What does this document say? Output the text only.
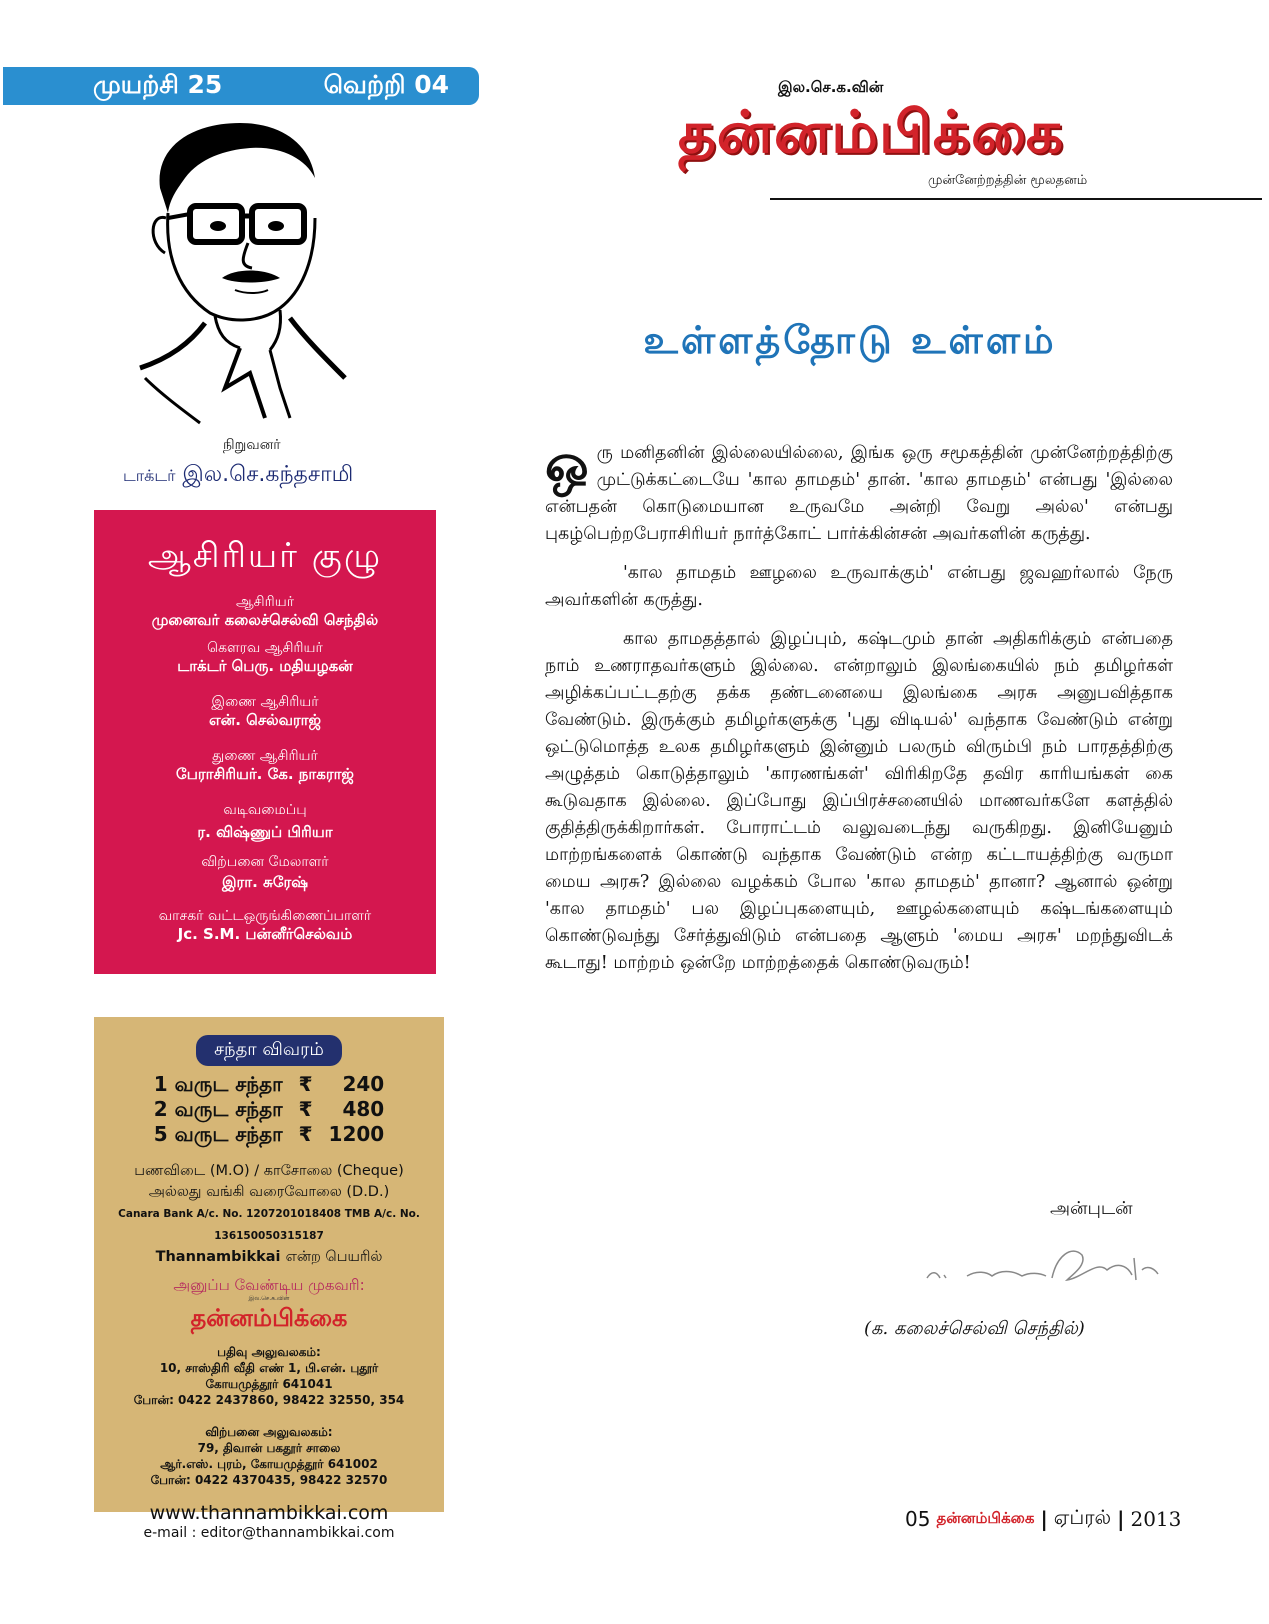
முயற்சி 25	வெற்றி 04
நிறுவனர்
டாக்டர் இல.செ.கந்தசாமி
ஆசிரியர் குழு
ஆசிரியர்
முனைவர் கலைச்செல்வி செந்தில்
கௌரவ ஆசிரியர்
டாக்டர் பெரு. மதியழகன்
இணை ஆசிரியர்
என். செல்வராஜ்
துணை ஆசிரியர்
பேராசிரியர். கே. நாகராஜ்
வடிவமைப்பு
ர. விஷ்ணுப் பிரியா
விற்பனை மேலாளர்
இரா. சுரேஷ்
வாசகர் வட்டஒருங்கிணைப்பாளர்
Jc. S.M. பன்னீர்செல்வம்
சந்தா விவரம்
1 வருட சந்தா	₹	240
2 வருட சந்தா	₹	480
5 வருட சந்தா	₹	1200
பணவிடை (M.O) / காசோலை (Cheque)
அல்லது வங்கி வரைவோலை (D.D.)
Canara Bank A/c. No. 1207201018408 TMB A/c. No. 136150050315187
Thannambikkai என்ற பெயரில்
அனுப்ப வேண்டிய முகவரி:
இல.செ.க.வின்
தன்னம்பிக்கை
பதிவு அலுவலகம்:
10, சாஸ்திரி வீதி எண் 1, பி.என். புதூர்
கோயமுத்தூர் 641041
போன்: 0422 2437860, 98422 32550, 354
விற்பனை அலுவலகம்:
79, திவான் பகதூர் சாலை
ஆர்.எஸ். புரம், கோயமுத்தூர் 641002
போன்: 0422 4370435, 98422 32570
www.thannambikkai.com
e-mail : editor@thannambikkai.com
இல.செ.க.வின்
தன்னம்பிக்கை
முன்னேற்றத்தின் மூலதனம்
உள்ளத்தோடு உள்ளம்

ஒரு மனிதனின் இல்லையில்லை, இங்க ஒரு சமூகத்தின் முன்னேற்றத்திற்கு முட்டுக்கட்டையே 'கால தாமதம்' தான். 'கால தாமதம்' என்பது 'இல்லை என்பதன் கொடுமையான உருவமே அன்றி வேறு அல்ல' என்பது புகழ்பெற்றபேராசிரியர் நார்த்கோட் பார்க்கின்சன் அவர்களின் கருத்து.

'கால தாமதம் ஊழலை உருவாக்கும்' என்பது ஜவஹர்லால் நேரு அவர்களின் கருத்து.

கால தாமதத்தால் இழப்பும், கஷ்டமும் தான் அதிகரிக்கும் என்பதை நாம் உணராதவர்களும் இல்லை. என்றாலும் இலங்கையில் நம் தமிழர்கள் அழிக்கப்பட்டதற்கு தக்க தண்டனையை இலங்கை அரசு அனுபவித்தாக வேண்டும். இருக்கும் தமிழர்களுக்கு 'புது விடியல்' வந்தாக வேண்டும் என்று ஒட்டுமொத்த உலக தமிழர்களும் இன்னும் பலரும் விரும்பி நம் பாரதத்திற்கு அழுத்தம் கொடுத்தாலும் 'காரணங்கள்' விரிகிறதே தவிர காரியங்கள் கை கூடுவதாக இல்லை. இப்போது இப்பிரச்சனையில் மாணவர்களே களத்தில் குதித்திருக்கிறார்கள். போராட்டம் வலுவடைந்து வருகிறது. இனியேனும் மாற்றங்களைக் கொண்டு வந்தாக வேண்டும் என்ற கட்டாயத்திற்கு வருமா மைய அரசு? இல்லை வழக்கம் போல 'கால தாமதம்' தானா? ஆனால் ஒன்று 'கால தாமதம்' பல இழப்புகளையும், ஊழல்களையும் கஷ்டங்களையும் கொண்டுவந்து சேர்த்துவிடும் என்பதை ஆளும் 'மைய அரசு' மறந்துவிடக் கூடாது! மாற்றம் ஒன்றே மாற்றத்தைக் கொண்டுவரும்!

அன்புடன்
(க. கலைச்செல்வி செந்தில்)
05 தன்னம்பிக்கை | ஏப்ரல் | 2013
